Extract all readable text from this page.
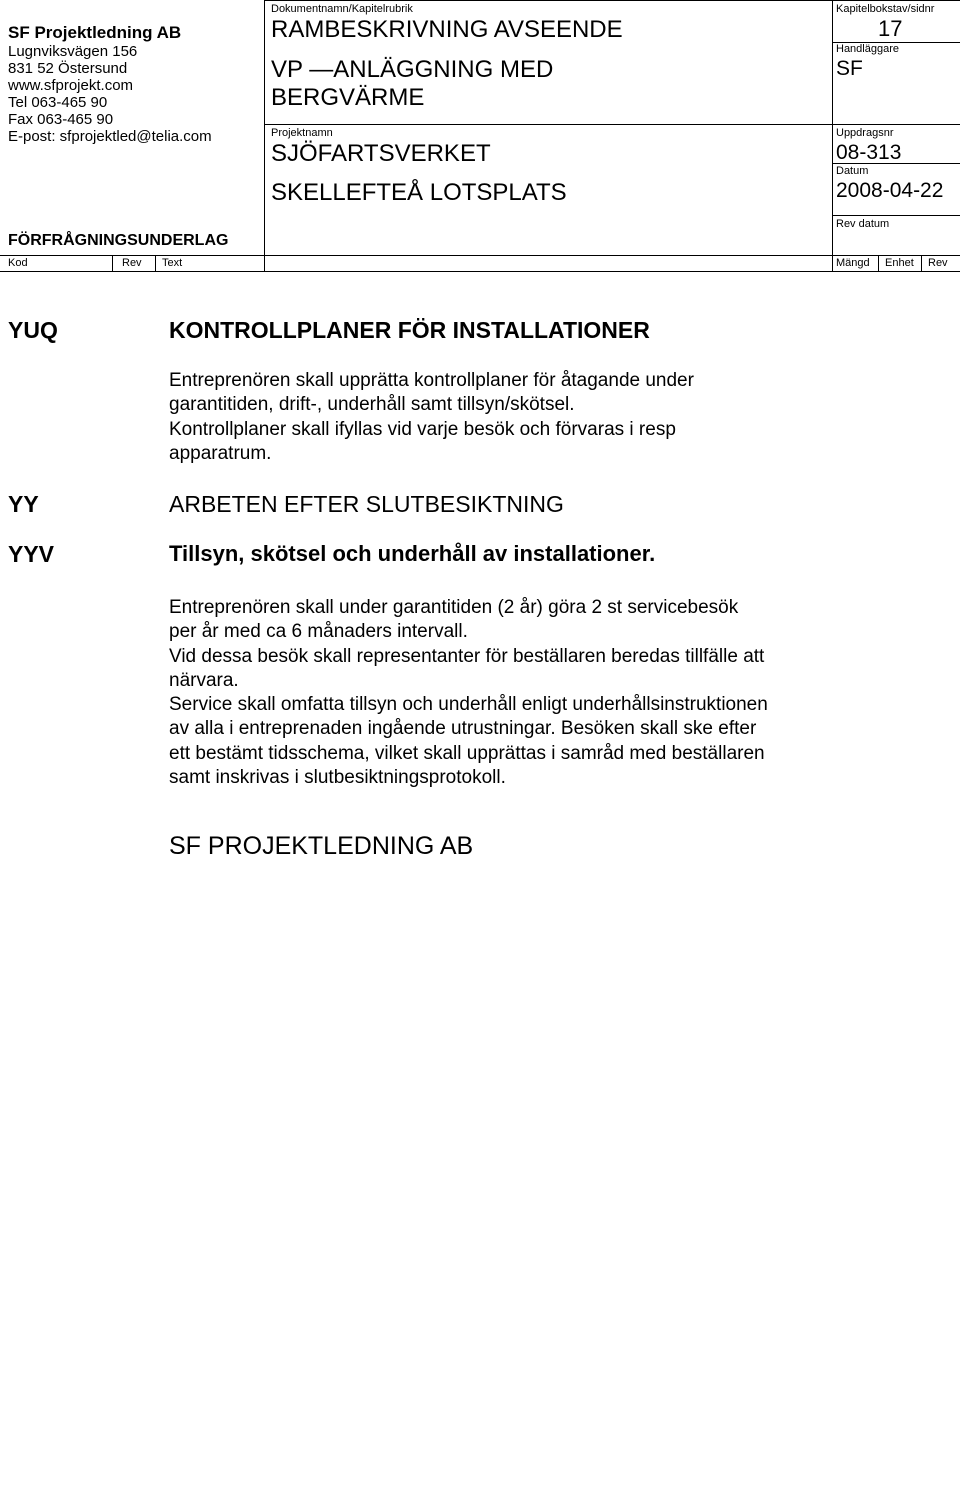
SF Projektledning AB
Lugnviksvägen 156
831 52 Östersund
www.sfprojekt.com
Tel 063-465 90
Fax 063-465 90
E-post: sfprojektled@telia.com
FÖRFRÅGNINGSUNDERLAG
Dokumentnamn/Kapitelrubrik
RAMBESKRIVNING AVSEENDE
VP —ANLÄGGNING MED
BERGVÄRME
Projektnamn
SJÖFARTSVERKET
SKELLEFTEÅ LOTSPLATS
Kapitelbokstav/sidnr
17
Handläggare
SF
Uppdragsnr
08-313
Datum
2008-04-22
Rev datum
Kod	Rev Text	Mängd Enhet Rev
YUQ	KONTROLLPLANER FÖR INSTALLATIONER
Entreprenören skall upprätta kontrollplaner för åtagande under
garantitiden, drift-, underhåll samt tillsyn/skötsel.
Kontrollplaner skall ifyllas vid varje besök och förvaras i resp
apparatrum.
YY	ARBETEN EFTER SLUTBESIKTNING
YYV	Tillsyn, skötsel och underhåll av installationer.
Entreprenören skall under garantitiden (2 år) göra 2 st servicebesök
per år med ca 6 månaders intervall.
Vid dessa besök skall representanter för beställaren beredas tillfälle att
närvara.
Service skall omfatta tillsyn och underhåll enligt underhållsinstruktionen
av alla i entreprenaden ingående utrustningar. Besöken skall ske efter
ett bestämt tidsschema, vilket skall upprättas i samråd med beställaren
samt inskrivas i slutbesiktningsprotokoll.
SF PROJEKTLEDNING AB
